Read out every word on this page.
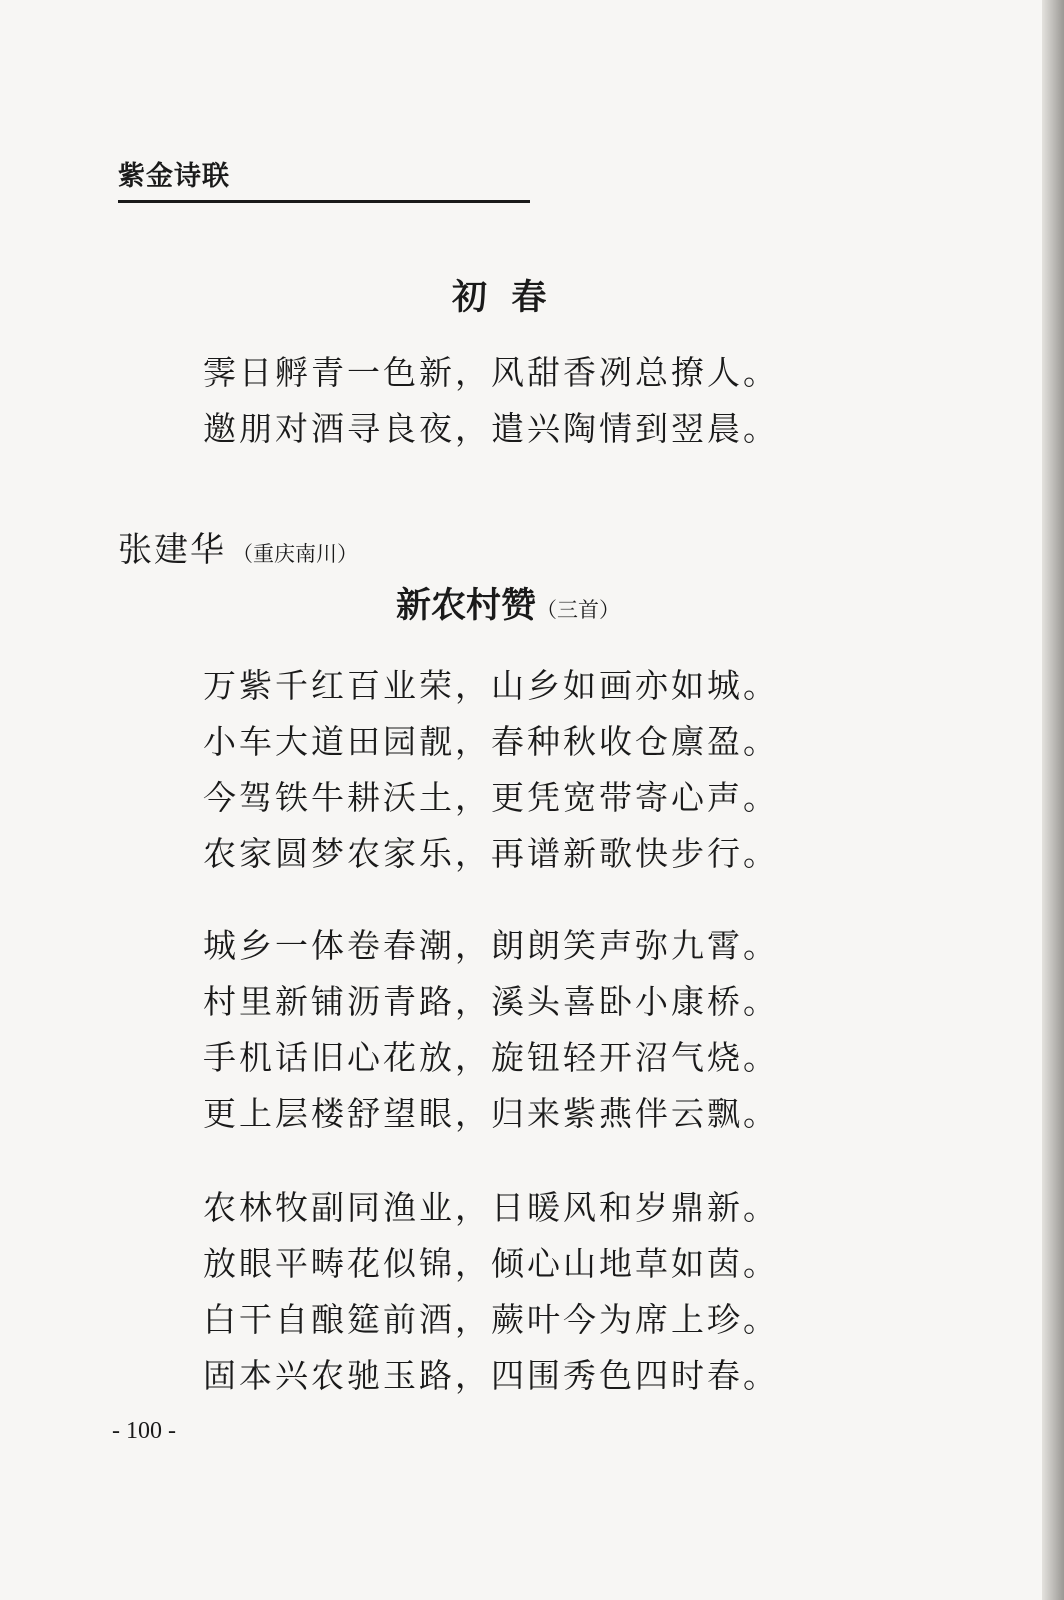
紫金诗联
初  春
霁日孵青一色新，风甜香冽总撩人。
邀朋对酒寻良夜，遣兴陶情到翌晨。
张建华 （重庆南川）
新农村赞（三首）
万紫千红百业荣，山乡如画亦如城。
小车大道田园靓，春种秋收仓廪盈。
今驾铁牛耕沃土，更凭宽带寄心声。
农家圆梦农家乐，再谱新歌快步行。
城乡一体卷春潮，朗朗笑声弥九霄。
村里新铺沥青路，溪头喜卧小康桥。
手机话旧心花放，旋钮轻开沼气烧。
更上层楼舒望眼，归来紫燕伴云飘。
农林牧副同渔业，日暖风和岁鼎新。
放眼平畴花似锦，倾心山地草如茵。
白干自酿筵前酒，蕨叶今为席上珍。
固本兴农驰玉路，四围秀色四时春。
- 100 -
